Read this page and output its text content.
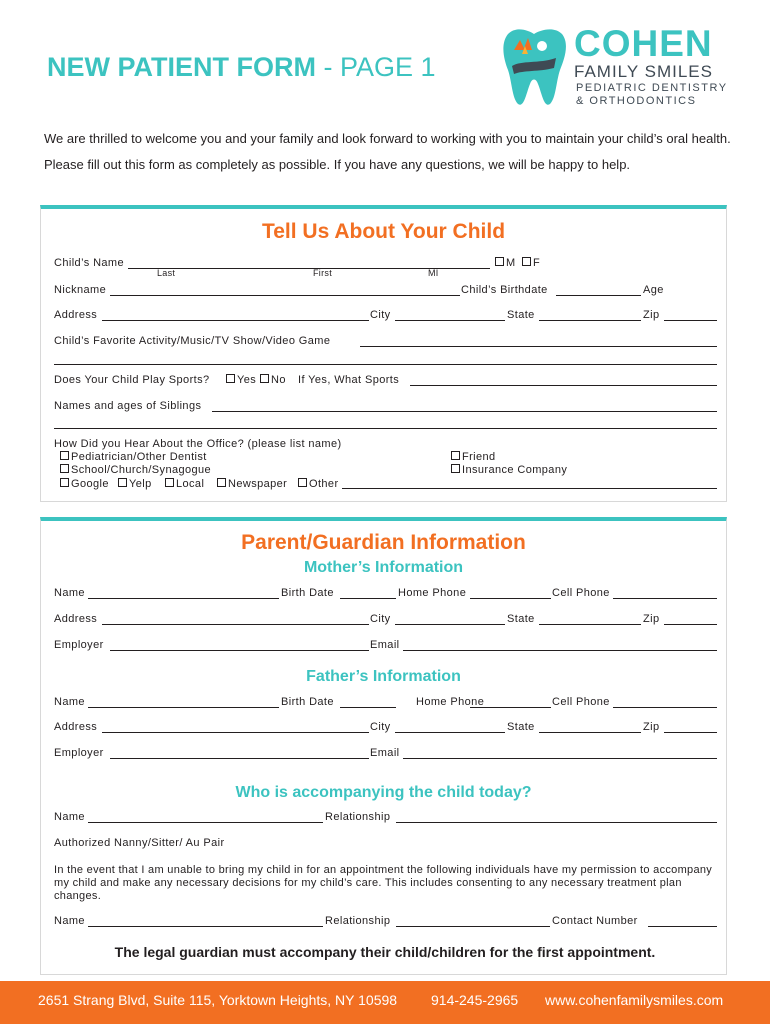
NEW PATIENT FORM - PAGE 1
COHEN
FAMILY SMILES
PEDIATRIC DENTISTRY
& ORTHODONTICS
We are thrilled to welcome you and your family and look forward to working with you to maintain your child’s oral health. Please fill out this form as completely as possible. If you have any questions, we will be happy to help.
Tell Us About Your Child
Child’s Name
Last	First	MI
M	F
Nickname	Child’s Birthdate	Age
Address	City	State	Zip
Child’s Favorite Activity/Music/TV Show/Video Game
Does Your Child Play Sports?	Yes	No If Yes, What Sports
Names and ages of Siblings
How Did you Hear About the Office? (please list name)
Pediatrician/Other Dentist
School/Church/Synagogue
Google	Yelp	Local	Newspaper	Other
Friend
Insurance Company
Parent/Guardian Information
Mother’s Information
Name	Birth Date	Home Phone	Cell Phone
Address	City	State	Zip
Employer	Email
Father’s Information
Name	Birth Date	Home Phone	Cell Phone
Address	City	State	Zip
Employer	Email
Who is accompanying the child today?
Name	Relationship
Authorized Nanny/Sitter/ Au Pair
In the event that I am unable to bring my child in for an appointment the following individuals have my permission to accompany my child and make any necessary decisions for my child’s care. This includes consenting to any necessary treatment plan changes.
Name	Relationship	Contact Number
The legal guardian must accompany their child/children for the first appointment.
2651 Strang Blvd, Suite 115, Yorktown Heights, NY 10598 914-245-2965 www.cohenfamilysmiles.com
